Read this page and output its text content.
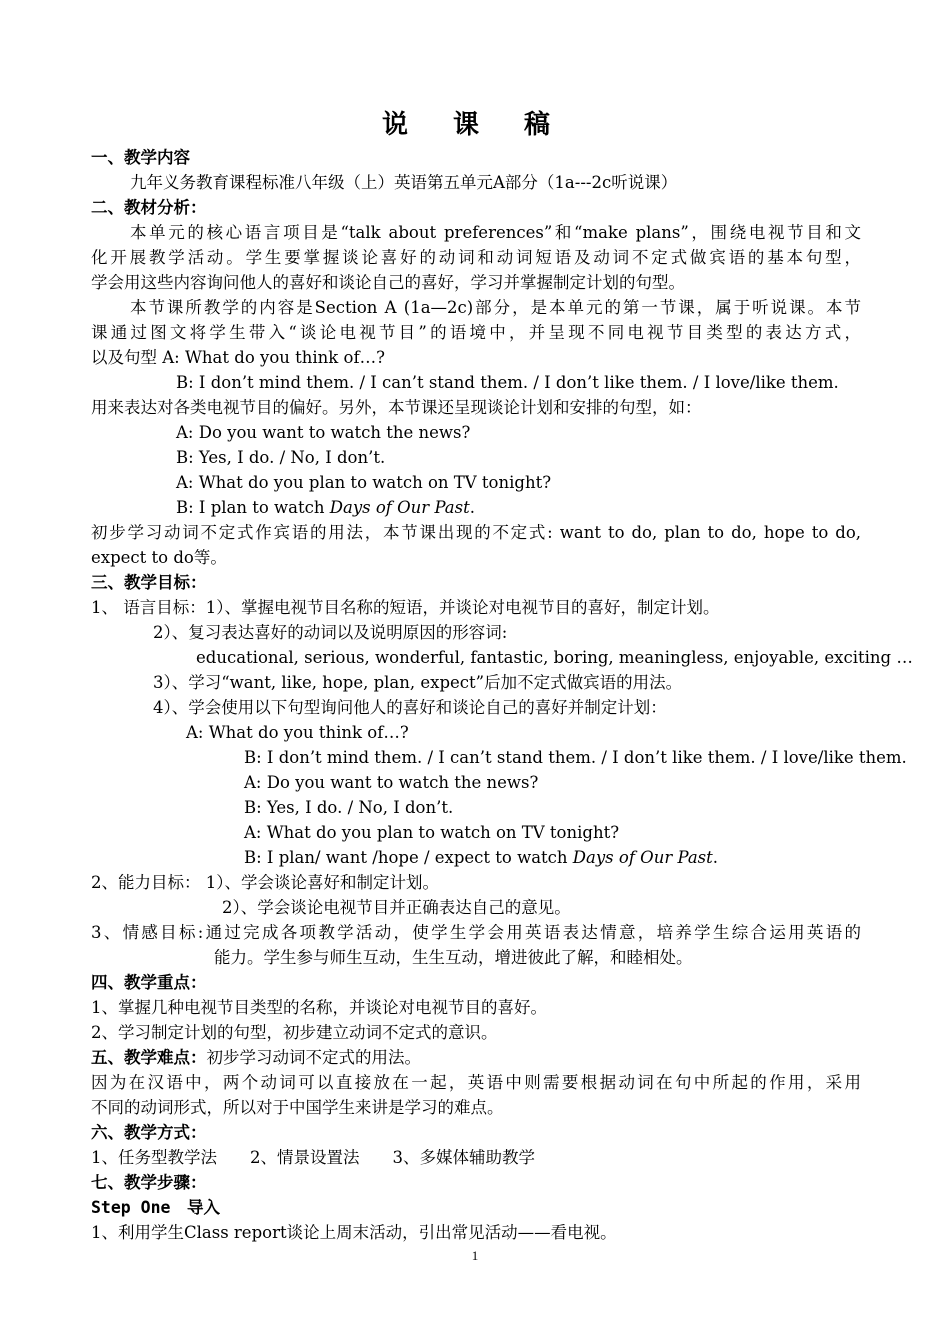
说 课 稿
一、教学内容
九年义务教育课程标准八年级（上）英语第五单元A部分（1a---2c听说课）
二、教材分析：
本单元的核心语言项目是“talk about preferences”和“make plans”，围绕电视节目和文
化开展教学活动。学生要掌握谈论喜好的动词和动词短语及动词不定式做宾语的基本句型，
学会用这些内容询问他人的喜好和谈论自己的喜好，学习并掌握制定计划的句型。
本节课所教学的内容是Section A (1a—2c)部分，是本单元的第一节课，属于听说课。本节
课通过图文将学生带入“谈论电视节目”的语境中，并呈现不同电视节目类型的表达方式，
以及句型 A: What do you think of…?
B: I don’t mind them. / I can’t stand them. / I don’t like them. / I love/like them.
用来表达对各类电视节目的偏好。另外，本节课还呈现谈论计划和安排的句型，如：
A: Do you want to watch the news?
B: Yes, I do. / No, I don’t.
A: What do you plan to watch on TV tonight?
B: I plan to watch Days of Our Past.
初步学习动词不定式作宾语的用法，本节课出现的不定式: want to do, plan to do, hope to do,
expect to do等。
三、教学目标：
1、 语言目标：1）、掌握电视节目名称的短语，并谈论对电视节目的喜好，制定计划。
2）、复习表达喜好的动词以及说明原因的形容词:
educational, serious, wonderful, fantastic, boring, meaningless, enjoyable, exciting …
3）、学习“want, like, hope, plan, expect”后加不定式做宾语的用法。
4）、学会使用以下句型询问他人的喜好和谈论自己的喜好并制定计划：
A: What do you think of…?
B: I don’t mind them. / I can’t stand them. / I don’t like them. / I love/like them.
A: Do you want to watch the news?
B: Yes, I do. / No, I don’t.
A: What do you plan to watch on TV tonight?
B: I plan/ want /hope / expect to watch Days of Our Past.
2、能力目标： 1）、学会谈论喜好和制定计划。
2）、学会谈论电视节目并正确表达自己的意见。
3、情感目标:通过完成各项教学活动，使学生学会用英语表达情意，培养学生综合运用英语的
能力。学生参与师生互动，生生互动，增进彼此了解，和睦相处。
四、教学重点：
1、掌握几种电视节目类型的名称，并谈论对电视节目的喜好。
2、学习制定计划的句型，初步建立动词不定式的意识。
五、教学难点：初步学习动词不定式的用法。
因为在汉语中，两个动词可以直接放在一起，英语中则需要根据动词在句中所起的作用，采用
不同的动词形式，所以对于中国学生来讲是学习的难点。
六、教学方式：
1、任务型教学法　　2、情景设置法　　3、多媒体辅助教学
七、教学步骤：
Step One　导入
1、利用学生Class report谈论上周末活动，引出常见活动——看电视。
1
